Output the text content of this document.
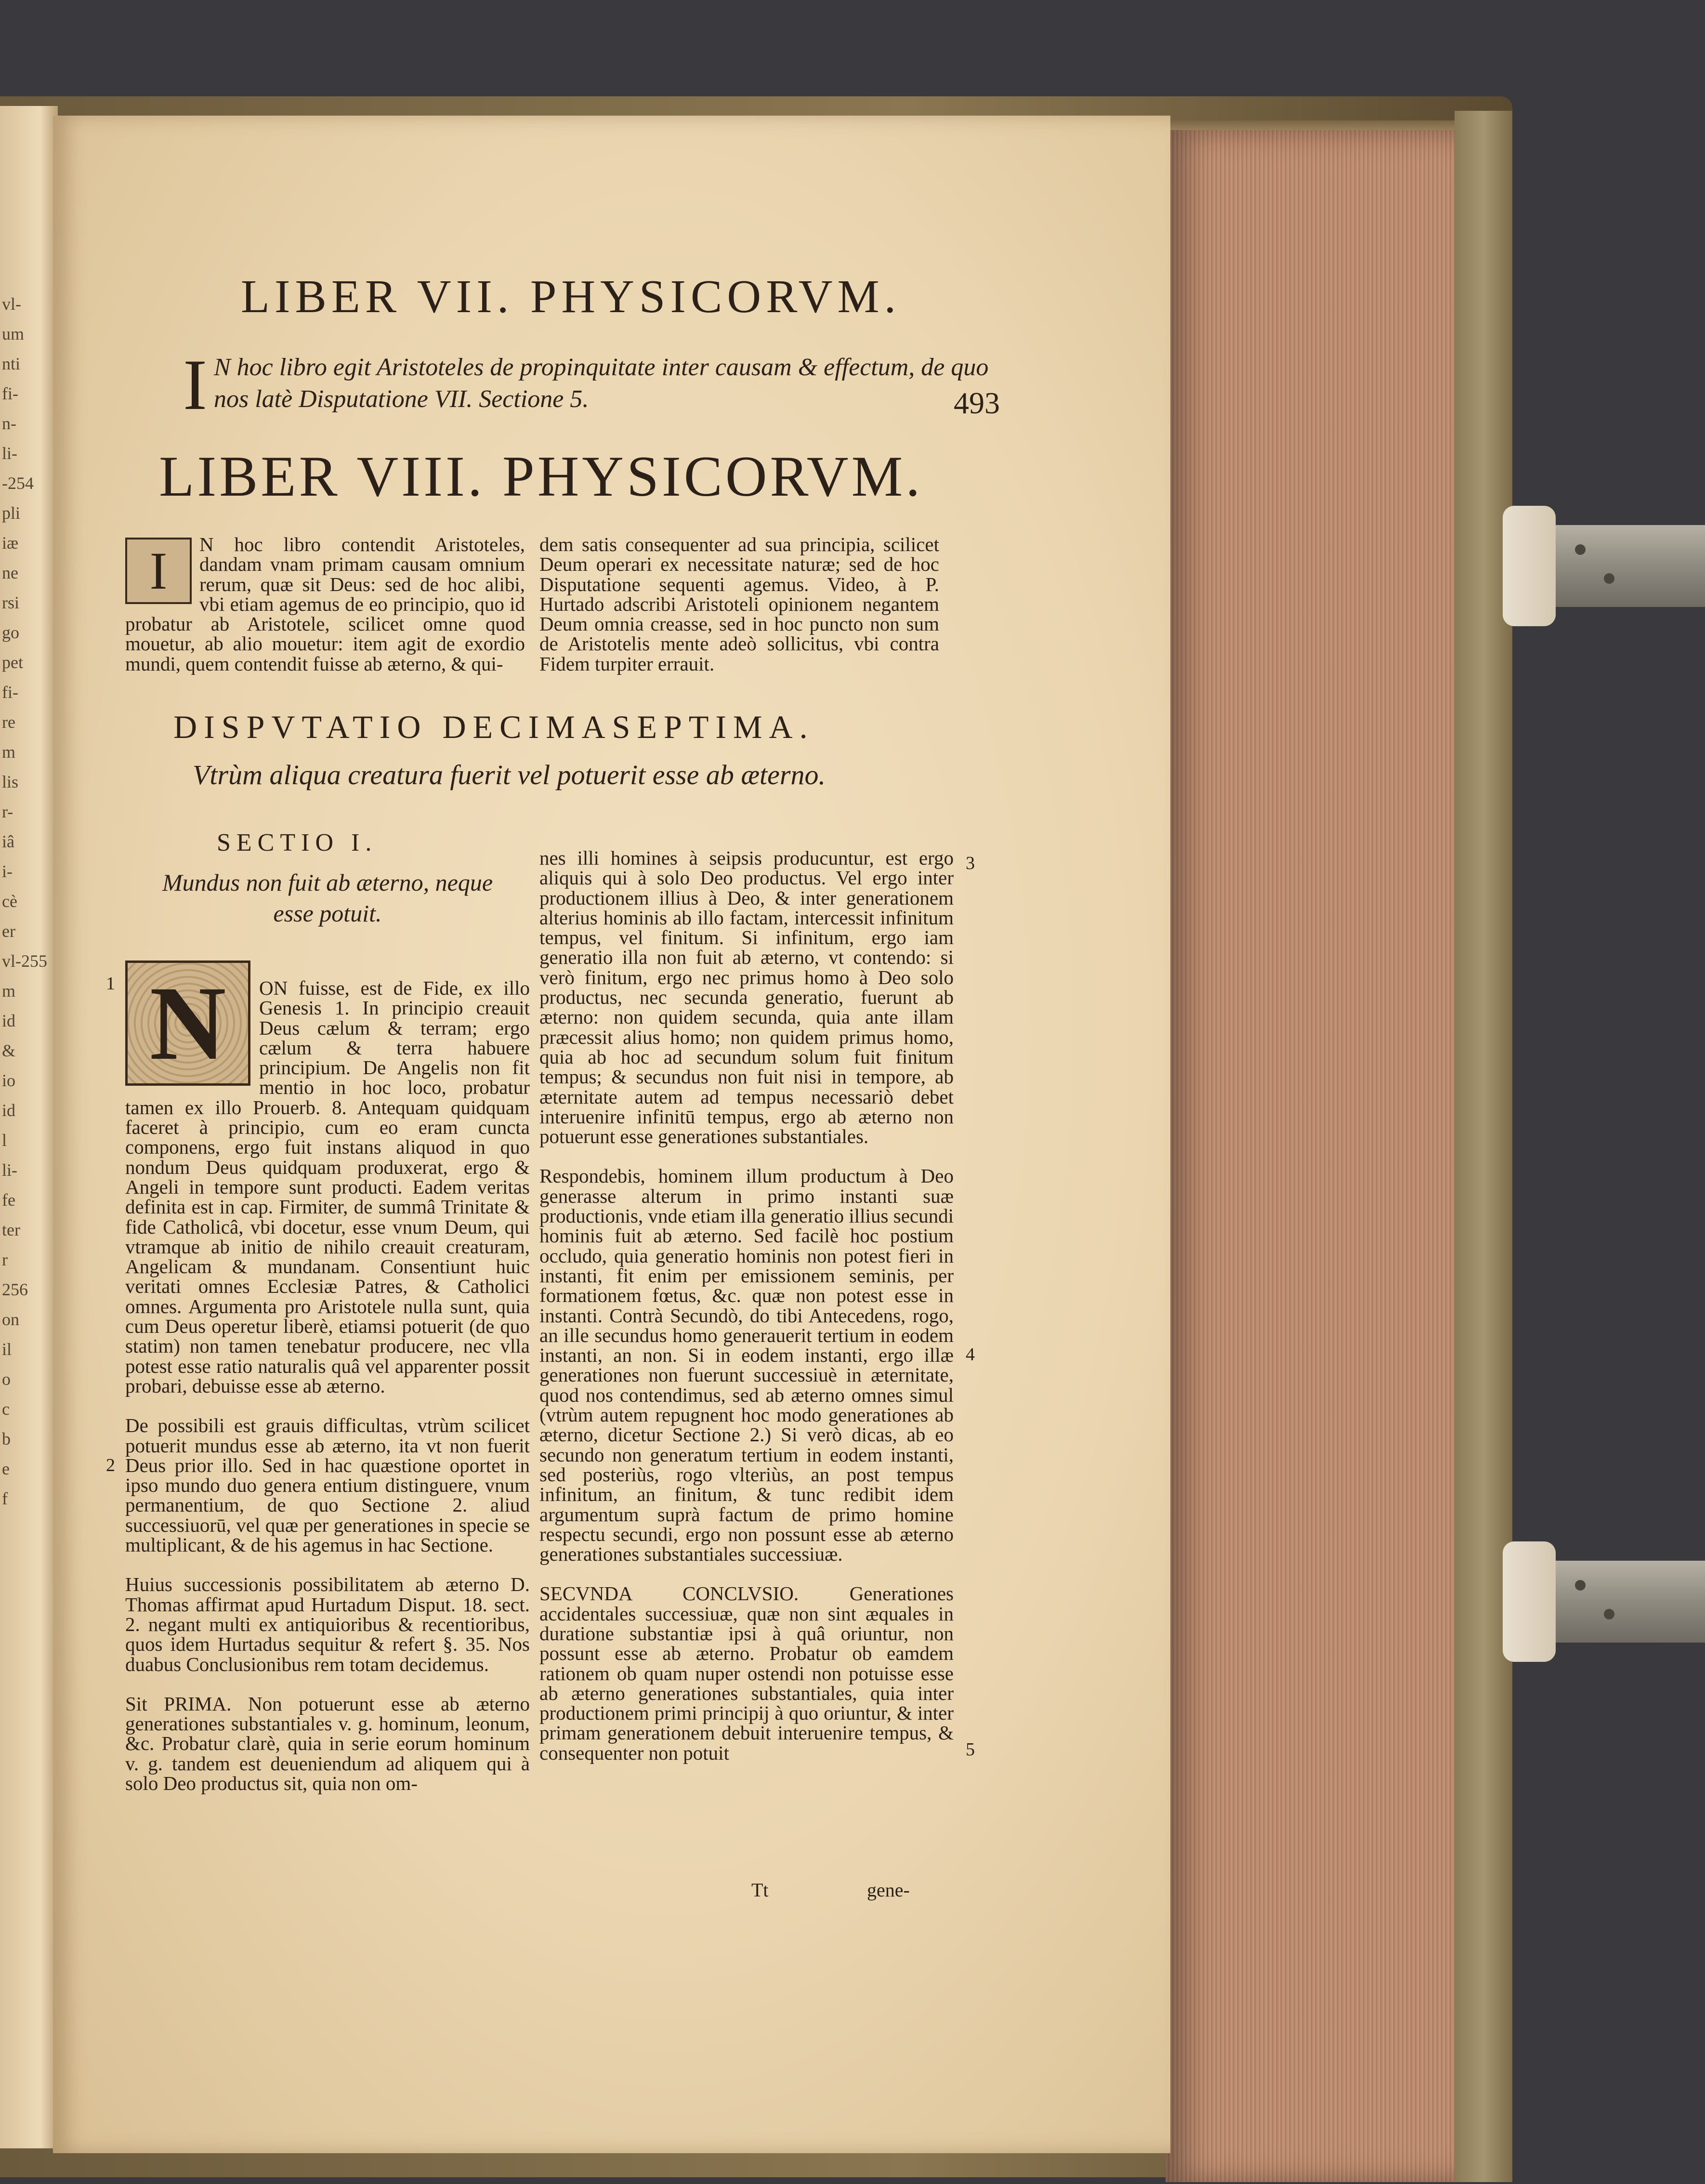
vl-
um
nti
fi-
n-
li-
-254
pli
iæ
ne
rsi
go
pet
fi-
re
m
lis
r-
iâ
i-
cè
er
vl-255
m
id
&
io
id
l
li-
fe
ter
r
256
on
il
o
c
b
e
f
493
LIBER VII. PHYSICORVM.
I N hoc libro egit Aristoteles de propinquitate inter causam & effectum, de quo nos latè Disputatione VII. Sectione 5.
LIBER VIII. PHYSICORVM.
I	N hoc libro contendit Aristoteles, dandam vnam primam causam omnium rerum, quæ sit Deus: sed de hoc alibi, vbi etiam agemus de eo principio, quo id probatur ab Aristotele, scilicet omne quod mouetur, ab alio mouetur: item agit de exordio mundi, quem contendit fuisse ab æterno, & qui-

dem satis consequenter ad sua principia, scilicet Deum operari ex necessitate naturæ; sed de hoc Disputatione sequenti agemus. Video, à P. Hurtado adscribi Aristoteli opinionem negantem Deum omnia creasse, sed in hoc puncto non sum de Aristotelis mente adeò sollicitus, vbi contra Fidem turpiter errauit.

DISPVTATIO DECIMASEPTIMA.
Vtrùm aliqua creatura fuerit vel potuerit esse ab æterno.
SECTIO I.
Mundus non fuit ab æterno, neque esse potuit.
N	ON fuisse, est de Fide, ex illo Genesis 1. In principio creauit Deus cælum & terram; ergo cælum & terra habuere principium. De Angelis non fit mentio in hoc loco, probatur tamen ex illo Prouerb. 8. Antequam quidquam faceret à principio, cum eo eram cuncta componens, ergo fuit instans aliquod in quo nondum Deus quidquam produxerat, ergo & Angeli in tempore sunt producti. Eadem veritas definita est in cap. Firmiter, de summâ Trinitate & fide Catholicâ, vbi docetur, esse vnum Deum, qui vtramque ab initio de nihilo creauit creaturam, Angelicam & mundanam. Consentiunt huic veritati omnes Ecclesiæ Patres, & Catholici omnes. Argumenta pro Aristotele nulla sunt, quia cum Deus operetur liberè, etiamsi potuerit (de quo statim) non tamen tenebatur producere, nec vlla potest esse ratio naturalis quâ vel apparenter possit probari, debuisse esse ab æterno.

De possibili est grauis difficultas, vtrùm scilicet potuerit mundus esse ab æterno, ita vt non fuerit Deus prior illo. Sed in hac quæstione oportet in ipso mundo duo genera entium distinguere, vnum permanentium, de quo Sectione 2. aliud successiuorū, vel quæ per generationes in specie se multiplicant, & de his agemus in hac Sectione.

Huius successionis possibilitatem ab æterno D. Thomas affirmat apud Hurtadum Disput. 18. sect. 2. negant multi ex antiquioribus & recentioribus, quos idem Hurtadus sequitur & refert §. 35. Nos duabus Conclusionibus rem totam decidemus.

Sit PRIMA. Non potuerunt esse ab æterno generationes substantiales v. g. hominum, leonum, &c. Probatur clarè, quia in serie eorum hominum v. g. tandem est deueniendum ad aliquem qui à solo Deo productus sit, quia non om-

nes illi homines à seipsis producuntur, est ergo aliquis qui à solo Deo productus. Vel ergo inter productionem illius à Deo, & inter generationem alterius hominis ab illo factam, intercessit infinitum tempus, vel finitum. Si infinitum, ergo iam generatio illa non fuit ab æterno, vt contendo: si verò finitum, ergo nec primus homo à Deo solo productus, nec secunda generatio, fuerunt ab æterno: non quidem secunda, quia ante illam præcessit alius homo; non quidem primus homo, quia ab hoc ad secundum solum fuit finitum tempus; & secundus non fuit nisi in tempore, ab æternitate autem ad tempus necessariò debet interuenire infinitū tempus, ergo ab æterno non potuerunt esse generationes substantiales.

Respondebis, hominem illum productum à Deo generasse alterum in primo instanti suæ productionis, vnde etiam illa generatio illius secundi hominis fuit ab æterno. Sed facilè hoc postium occludo, quia generatio hominis non potest fieri in instanti, fit enim per emissionem seminis, per formationem fœtus, &c. quæ non potest esse in instanti. Contrà Secundò, do tibi Antecedens, rogo, an ille secundus homo generauerit tertium in eodem instanti, an non. Si in eodem instanti, ergo illæ generationes non fuerunt successiuè in æternitate, quod nos contendimus, sed ab æterno omnes simul (vtrùm autem repugnent hoc modo generationes ab æterno, dicetur Sectione 2.) Si verò dicas, ab eo secundo non generatum tertium in eodem instanti, sed posteriùs, rogo vlteriùs, an post tempus infinitum, an finitum, & tunc redibit idem argumentum suprà factum de primo homine respectu secundi, ergo non possunt esse ab æterno generationes substantiales successiuæ.

SECVNDA CONCLVSIO. Generationes accidentales successiuæ, quæ non sint æquales in duratione substantiæ ipsi à quâ oriuntur, non possunt esse ab æterno. Probatur ob eamdem rationem ob quam nuper ostendi non potuisse esse ab æterno generationes substantiales, quia inter productionem primi principij à quo oriuntur, & inter primam generationem debuit interuenire tempus, & consequenter non potuit

1
2
3
4
5
Tt	gene-
